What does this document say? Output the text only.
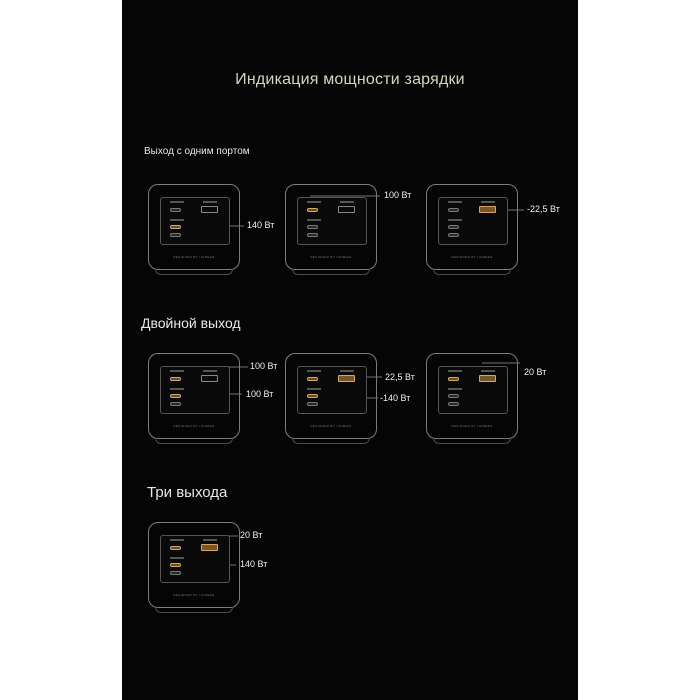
Индикация мощности зарядки
Выход с одним портом
Двойной выход
Три выхода
DESIGNED BY UGREEN
140 Вт
DESIGNED BY UGREEN
100 Вт
DESIGNED BY UGREEN
-22,5 Вт
DESIGNED BY UGREEN
100 Вт
100 Вт
DESIGNED BY UGREEN
22,5 Вт
-140 Вт
DESIGNED BY UGREEN
20 Вт
DESIGNED BY UGREEN
20 Вт
140 Вт
